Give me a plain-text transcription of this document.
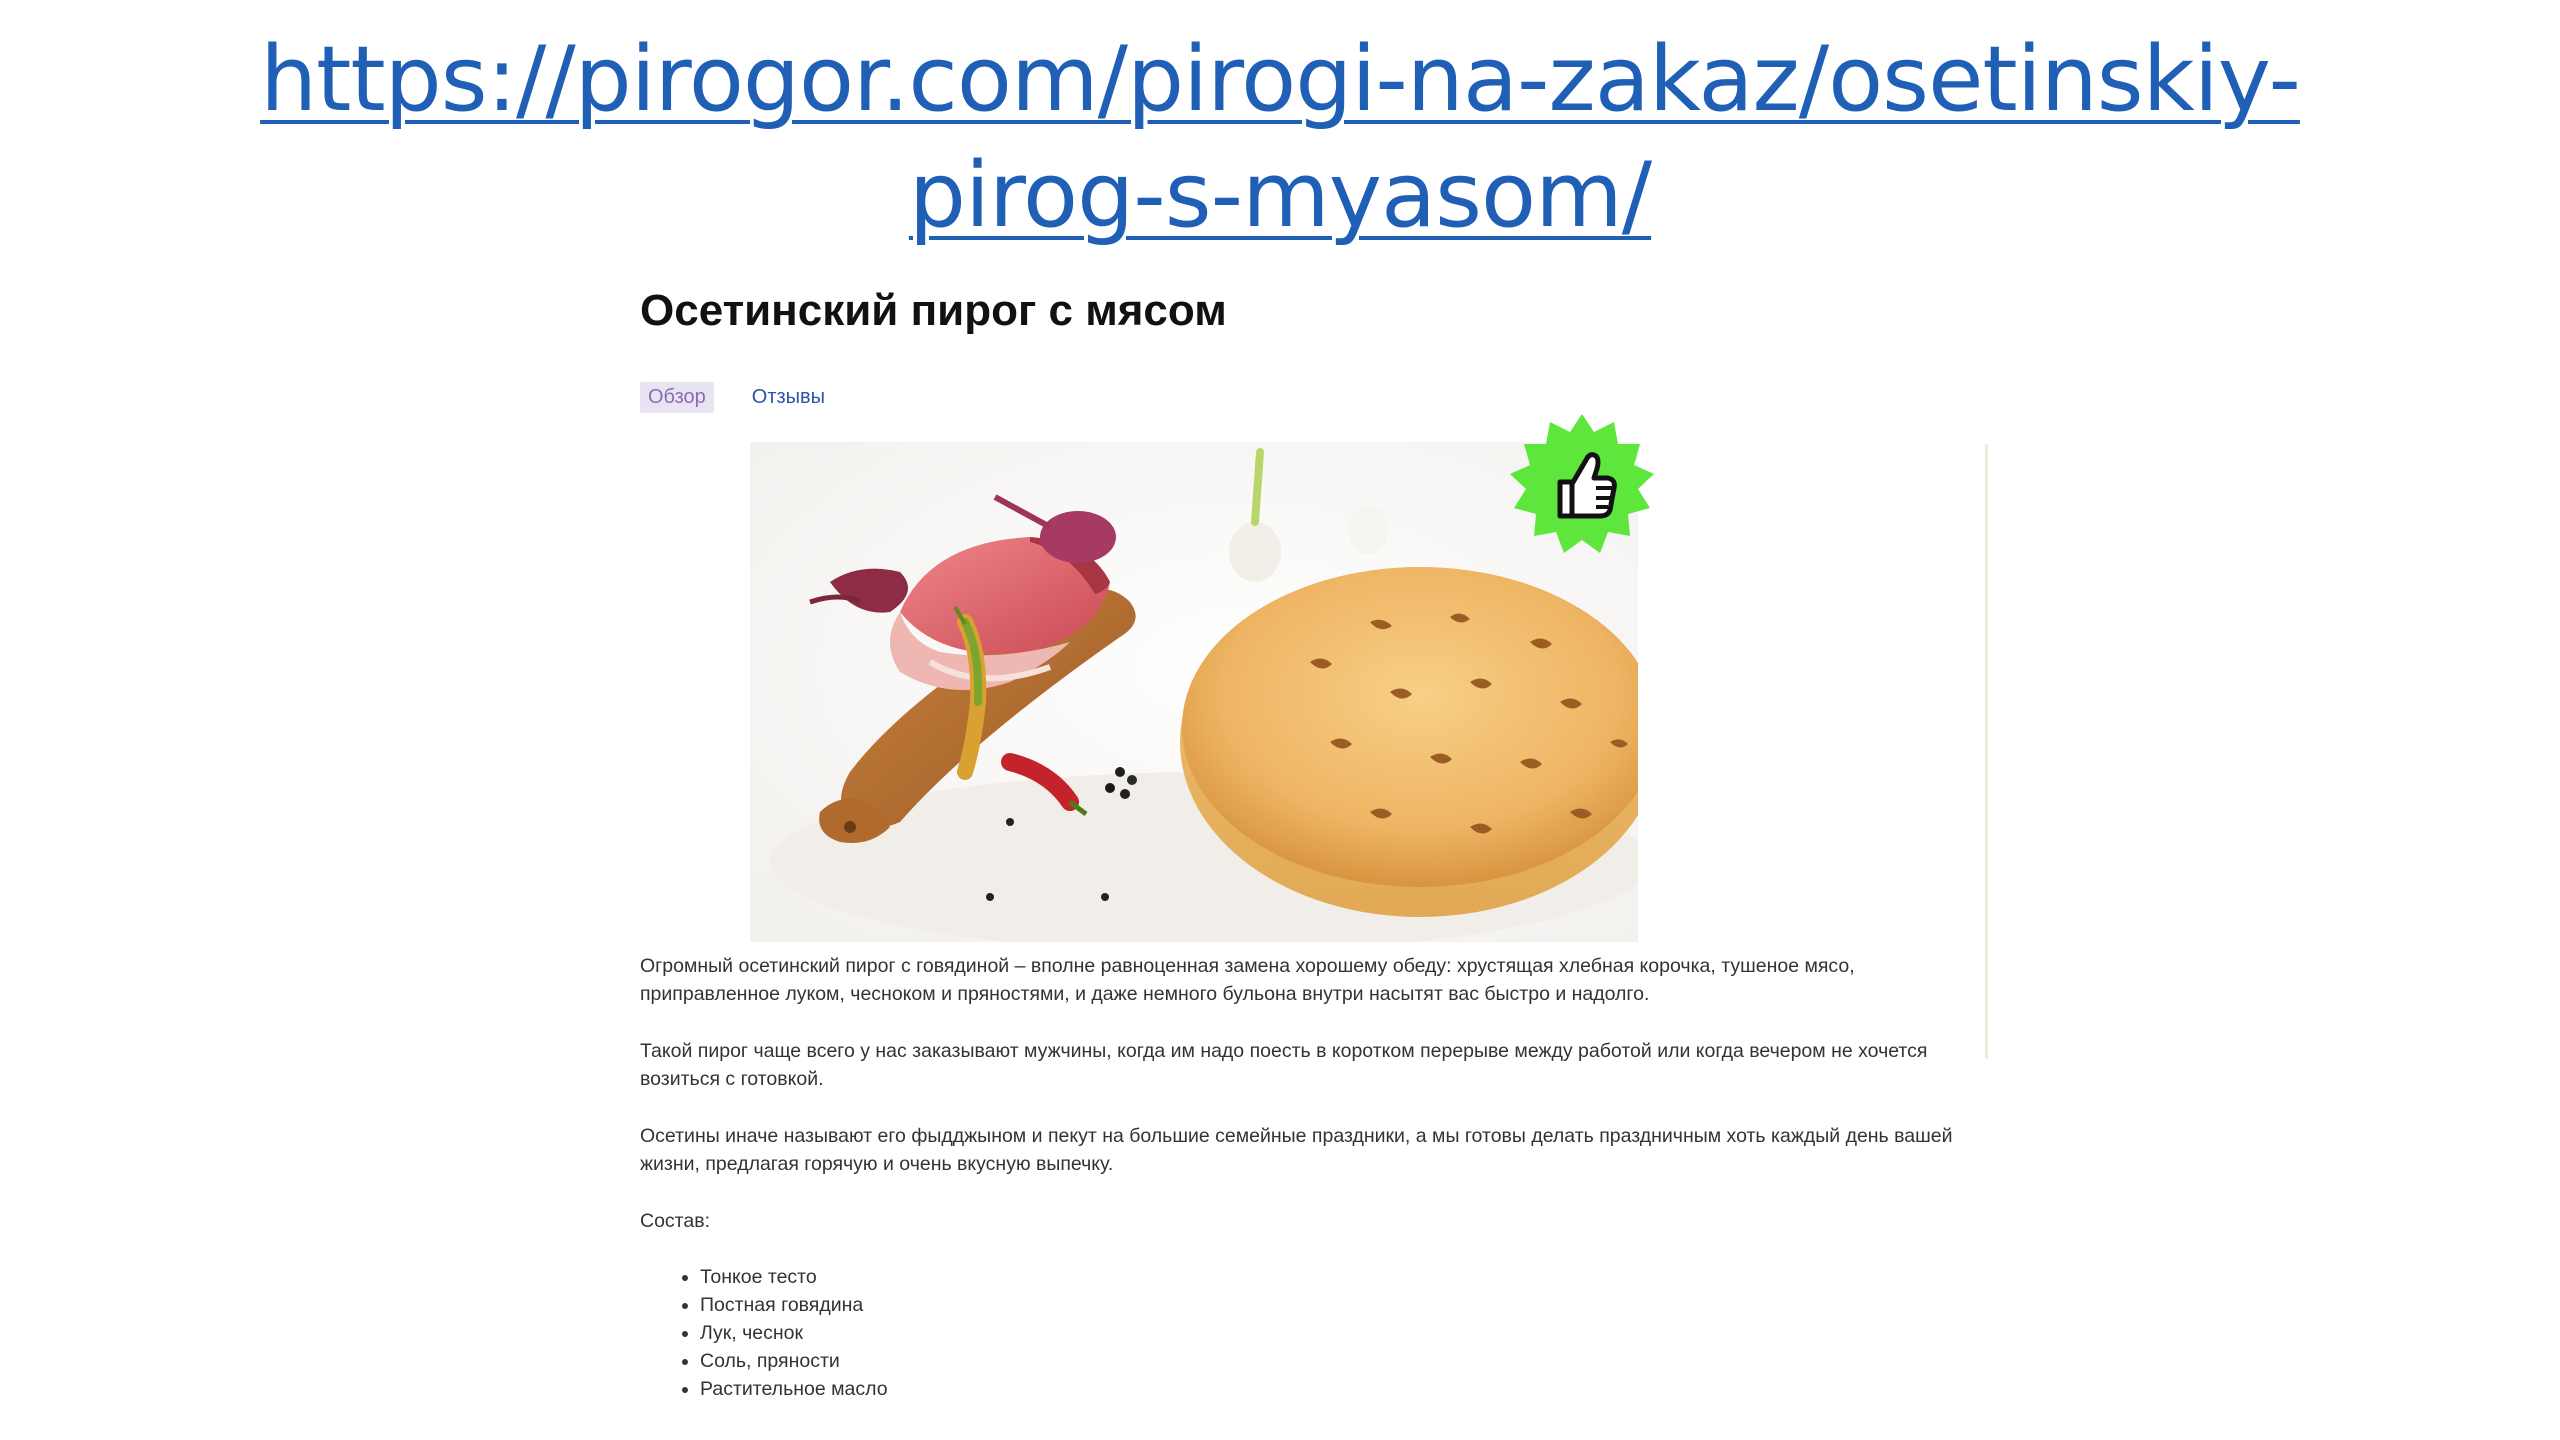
https://pirogor.com/pirogi-na-zakaz/osetinskiy-
pirog-s-myasom/
Осетинский пирог с мясом
Обзор	Отзывы

Огромный осетинский пирог с говядиной – вполне равноценная замена хорошему обеду: хрустящая хлебная корочка, тушеное мясо, приправленное луком, чесноком и пряностями, и даже немного бульона внутри насытят вас быстро и надолго.

Такой пирог чаще всего у нас заказывают мужчины, когда им надо поесть в коротком перерыве между работой или когда вечером не хочется возиться с готовкой.

Осетины иначе называют его фыдджыном и пекут на большие семейные праздники, а мы готовы делать праздничным хоть каждый день вашей жизни, предлагая горячую и очень вкусную выпечку.

Состав:

• Тонкое тесто
• Постная говядина
• Лук, чеснок
• Соль, пряности
• Растительное масло
